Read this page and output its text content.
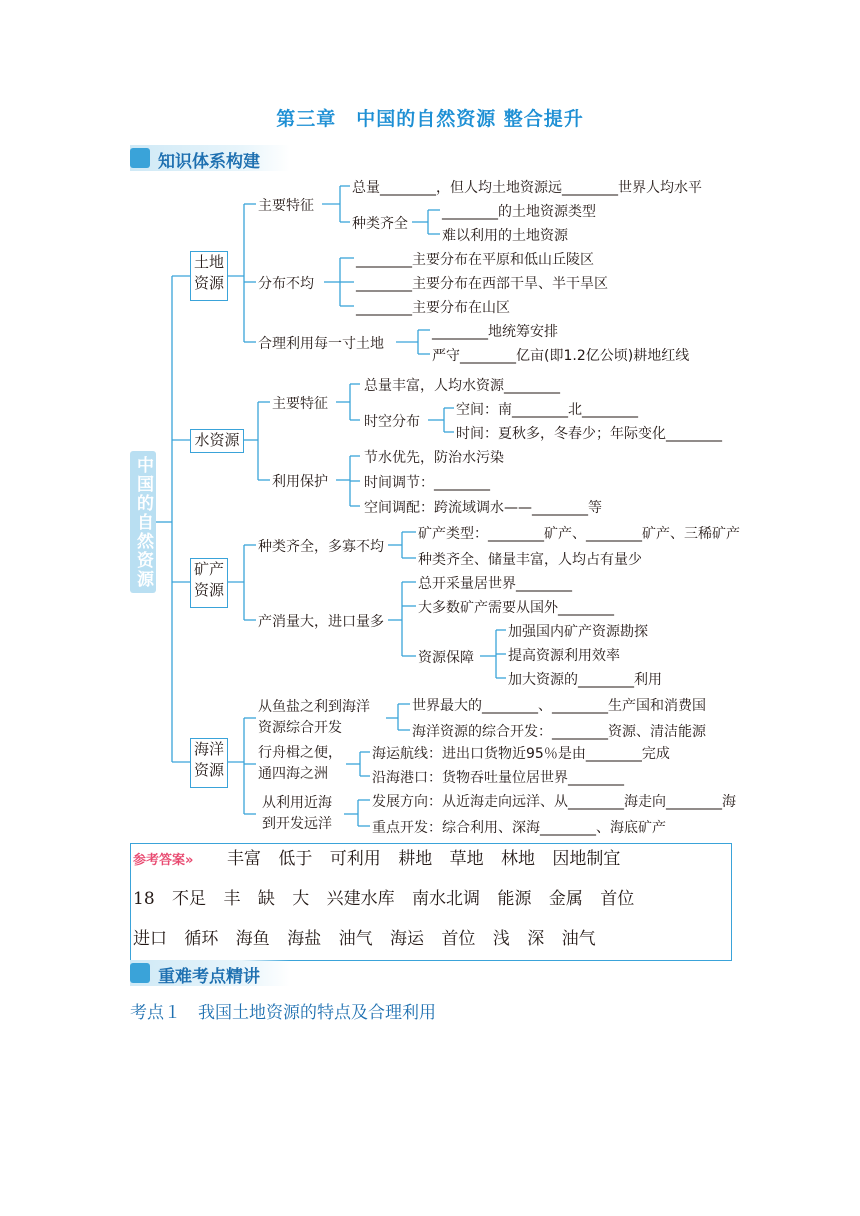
第三章　中国的自然资源 整合提升
知识体系构建
中国的自然资源
土地
资源
水资源
矿产
资源
海洋
资源
主要特征
总量________，但人均土地资源远________世界人均水平
种类齐全
________的土地资源类型
难以利用的土地资源
分布不均
________主要分布在平原和低山丘陵区
________主要分布在西部干旱、半干旱区
________主要分布在山区
合理利用每一寸土地
________地统筹安排
严守________亿亩(即1.2亿公顷)耕地红线
主要特征
总量丰富，人均水资源________
时空分布
空间：南________北________
时间：夏秋多，冬春少；年际变化________
利用保护
节水优先，防治水污染
时间调节：________
空间调配：跨流域调水——________等
种类齐全，多寡不均
矿产类型：________矿产、________矿产、三稀矿产
种类齐全、储量丰富，人均占有量少
产消量大，进口量多
总开采量居世界________
大多数矿产需要从国外________
资源保障
加强国内矿产资源勘探
提高资源利用效率
加大资源的________利用
从鱼盐之利到海洋
资源综合开发
世界最大的________、________生产国和消费国
海洋资源的综合开发：________资源、清洁能源
行舟楫之便，
通四海之洲
海运航线：进出口货物近95％是由________完成
沿海港口：货物吞吐量位居世界________
从利用近海
到开发远洋
发展方向：从近海走向远洋、从________海走向________海
重点开发：综合利用、深海________、海底矿产
参考答案» 丰富 低于 可利用 耕地 草地 林地 因地制宜
18 不足 丰 缺 大 兴建水库 南水北调 能源 金属 首位
进口 循环 海鱼 海盐 油气 海运 首位 浅 深 油气
重难考点精讲
考点１　我国土地资源的特点及合理利用
